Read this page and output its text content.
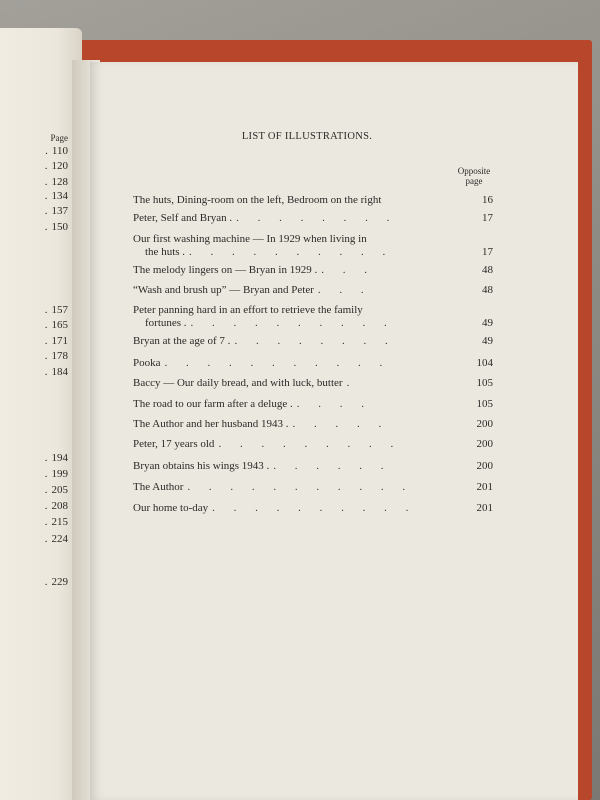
Page
. 110
. 120
. 128
. 134
. 137
. 150
. 157
. 165
. 171
. 178
. 184
. 194
. 199
. 205
. 208
. 215
. 224
. 229
LIST OF ILLUSTRATIONS.
Opposite
page
The huts, Dining-room on the left, Bedroom on the right	16
Peter, Self and Bryan . . . . . . . . .	17
Our first washing machine — In 1929 when living in
the huts . . . . . . . . . . .	17
The melody lingers on — Bryan in 1929 . . . .	48
“Wash and brush up” — Bryan and Peter . . .	48
Peter panning hard in an effort to retrieve the family
fortunes . . . . . . . . . . .	49
Bryan at the age of 7 . . . . . . . . .	49
Pooka . . . . . . . . . . .	104
Baccy — Our daily bread, and with luck, butter .	105
The road to our farm after a deluge . . . . .	105
The Author and her husband 1943 . . . . . .	200
Peter, 17 years old . . . . . . . . .	200
Bryan obtains his wings 1943 . . . . . . .	200
The Author . . . . . . . . . . .	201
Our home to-day . . . . . . . . . .	201
